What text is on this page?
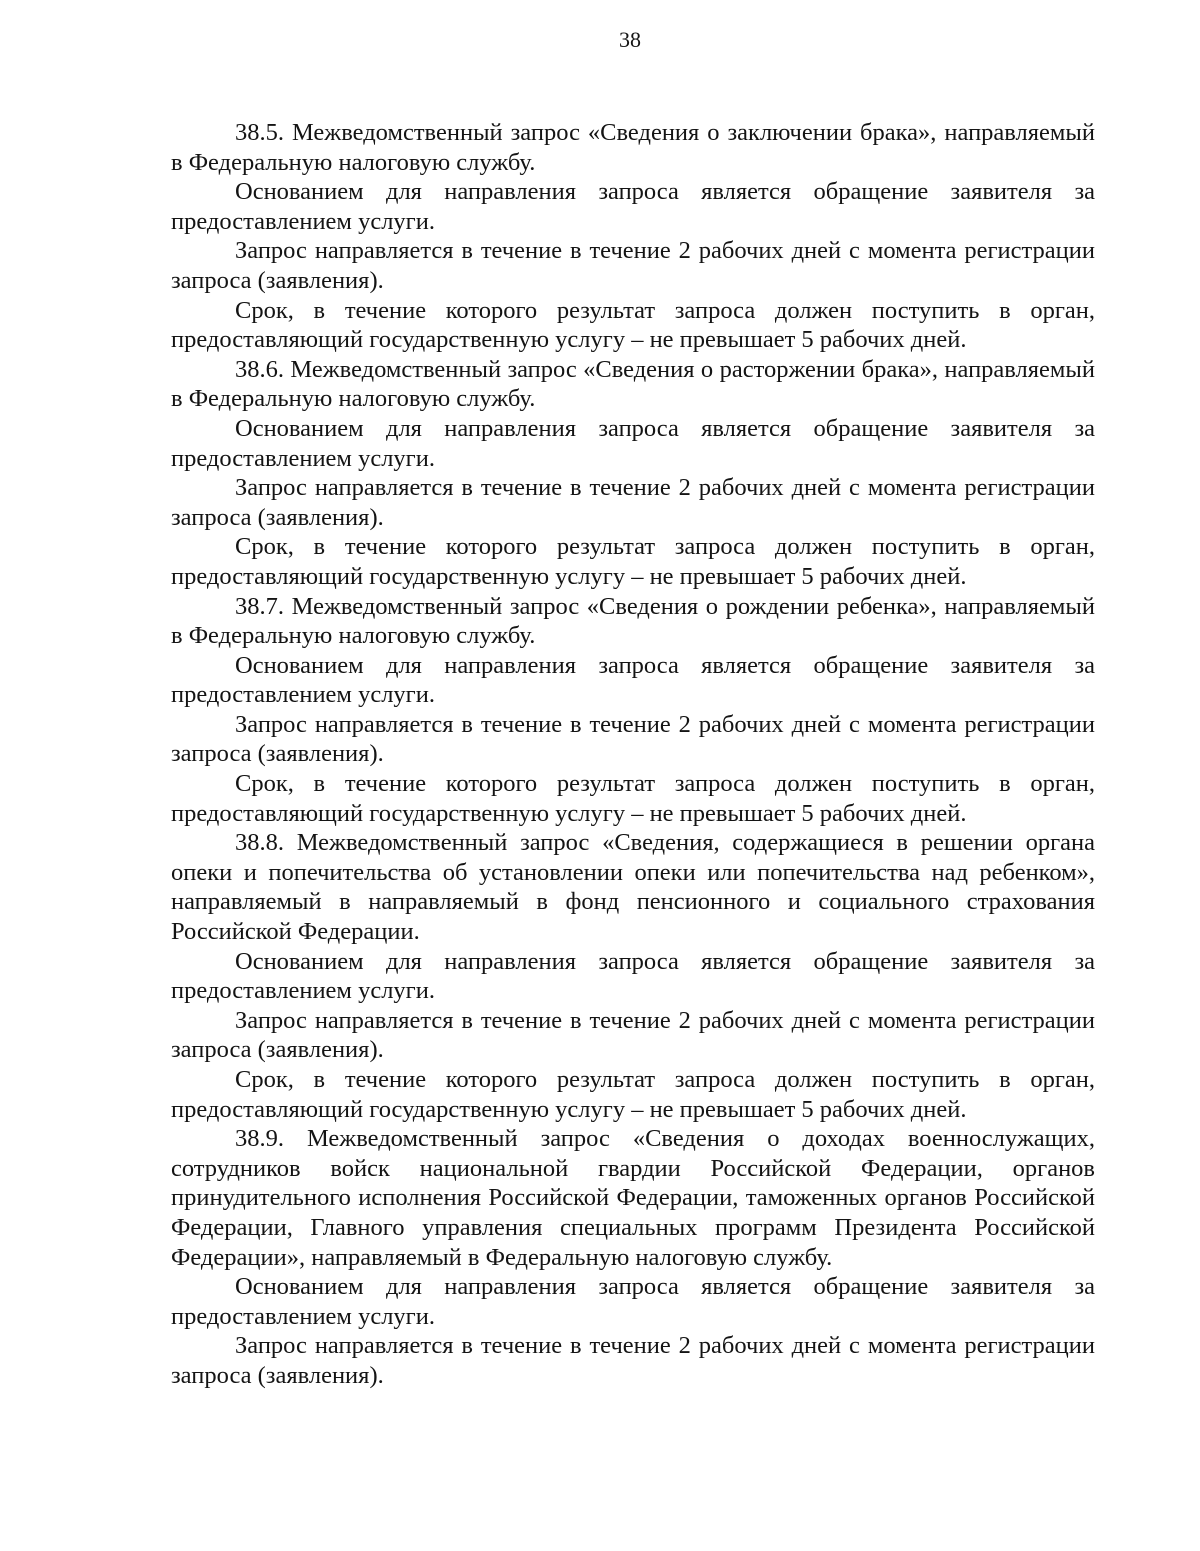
38

38.5. Межведомственный запрос «Сведения о заключении брака», направляемый в Федеральную налоговую службу.

Основанием для направления запроса является обращение заявителя за предоставлением услуги.

Запрос направляется в течение в течение 2 рабочих дней с момента регистрации запроса (заявления).

Срок, в течение которого результат запроса должен поступить в орган, предоставляющий государственную услугу – не превышает 5 рабочих дней.

38.6. Межведомственный запрос «Сведения о расторжении брака», направляемый в Федеральную налоговую службу.

Основанием для направления запроса является обращение заявителя за предоставлением услуги.

Запрос направляется в течение в течение 2 рабочих дней с момента регистрации запроса (заявления).

Срок, в течение которого результат запроса должен поступить в орган, предоставляющий государственную услугу – не превышает 5 рабочих дней.

38.7. Межведомственный запрос «Сведения о рождении ребенка», направляемый в Федеральную налоговую службу.

Основанием для направления запроса является обращение заявителя за предоставлением услуги.

Запрос направляется в течение в течение 2 рабочих дней с момента регистрации запроса (заявления).

Срок, в течение которого результат запроса должен поступить в орган, предоставляющий государственную услугу – не превышает 5 рабочих дней.

38.8. Межведомственный запрос «Сведения, содержащиеся в решении органа опеки и попечительства об установлении опеки или попечительства над ребенком», направляемый в направляемый в фонд пенсионного и социального страхования Российской Федерации.

Основанием для направления запроса является обращение заявителя за предоставлением услуги.

Запрос направляется в течение в течение 2 рабочих дней с момента регистрации запроса (заявления).

Срок, в течение которого результат запроса должен поступить в орган, предоставляющий государственную услугу – не превышает 5 рабочих дней.

38.9. Межведомственный запрос «Сведения о доходах военнослужащих, сотрудников войск национальной гвардии Российской Федерации, органов принудительного исполнения Российской Федерации, таможенных органов Российской Федерации, Главного управления специальных программ Президента Российской Федерации», направляемый в Федеральную налоговую службу.

Основанием для направления запроса является обращение заявителя за предоставлением услуги.

Запрос направляется в течение в течение 2 рабочих дней с момента регистрации запроса (заявления).
